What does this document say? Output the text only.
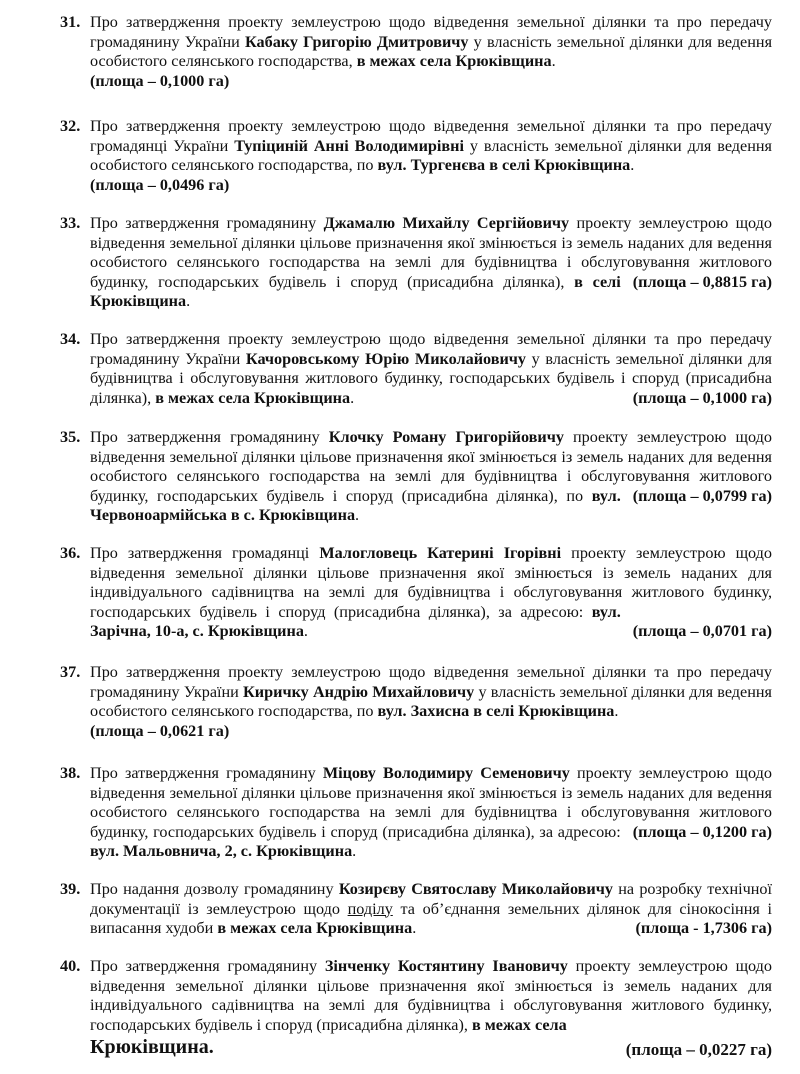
31. Про затвердження проекту землеустрою щодо відведення земельної ділянки та про передачу громадянину України Кабаку Григорію Дмитровичу у власність земельної ділянки для ведення особистого селянського господарства, в межах села Крюківщина.
(площа – 0,1000 га)
32. Про затвердження проекту землеустрою щодо відведення земельної ділянки та про передачу громадянці України Тупіциній Анні Володимирівні у власність земельної ділянки для ведення особистого селянського господарства, по вул. Тургенєва в селі Крюківщина.
(площа – 0,0496 га)
33. Про затвердження громадянину Джамалю Михайлу Сергійовичу проекту землеустрою щодо відведення земельної ділянки цільове призначення якої змінюється із земель наданих для ведення особистого селянського господарства на землі для будівництва і обслуговування житлового будинку, господарських будівель і споруд (присадибна ділянка),	(площа – 0,8815 га)
в селі Крюківщина.
34. Про затвердження проекту землеустрою щодо відведення земельної ділянки та про передачу громадянину України Качоровському Юрію Миколайовичу у власність земельної ділянки для будівництва і обслуговування житлового будинку, господарських будівель і споруд (присадибна ділянка),	(площа – 0,1000 га)
в межах села Крюківщина.
35. Про затвердження громадянину Клочку Роману Григорійовичу проекту землеустрою щодо відведення земельної ділянки цільове призначення якої змінюється із земель наданих для ведення особистого селянського господарства на землі для будівництва і обслуговування житлового будинку, господарських будівель і споруд (присадибна ділянка), по	(площа – 0,0799 га)
вул. Червоноармійська в с. Крюківщина.
36. Про затвердження громадянці Малогловець Катерині Ігорівні проекту землеустрою щодо відведення земельної ділянки цільове призначення якої змінюється із земель наданих для індивідуального садівництва на землі для будівництва і обслуговування житлового будинку, господарських будівель і споруд (присадибна ділянка), за адресою:
(площа – 0,0701 га)
вул. Зарічна, 10-а, с. Крюківщина.
37. Про затвердження проекту землеустрою щодо відведення земельної ділянки та про передачу громадянину України Киричку Андрію Михайловичу у власність земельної ділянки для ведення особистого селянського господарства, по вул. Захисна в селі Крюківщина.
(площа – 0,0621 га)
38. Про затвердження громадянину Міцову Володимиру Семеновичу проекту землеустрою щодо відведення земельної ділянки цільове призначення якої змінюється із земель наданих для ведення особистого селянського господарства на землі для будівництва і обслуговування житлового будинку, господарських будівель і споруд (присадибна ділянка), за адресою: (площа – 0,1200 га)
вул. Мальовнича, 2, с. Крюківщина.
39. Про надання дозволу громадянину Козирєву Святославу Миколайовичу на розробку технічної документації із землеустрою щодо поділу та об’єднання земельних ділянок для сінокосіння і випасання худоби	(площа - 1,7306 га)
в межах села Крюківщина.
40. Про затвердження громадянину Зінченку Костянтину Івановичу проекту землеустрою щодо відведення земельної ділянки цільове призначення якої змінюється із земель наданих для індивідуального садівництва на землі для будівництва і обслуговування житлового будинку, господарських будівель і споруд (присадибна ділянка), в межах села
Крюківщина.	(площа – 0,0227 га)
